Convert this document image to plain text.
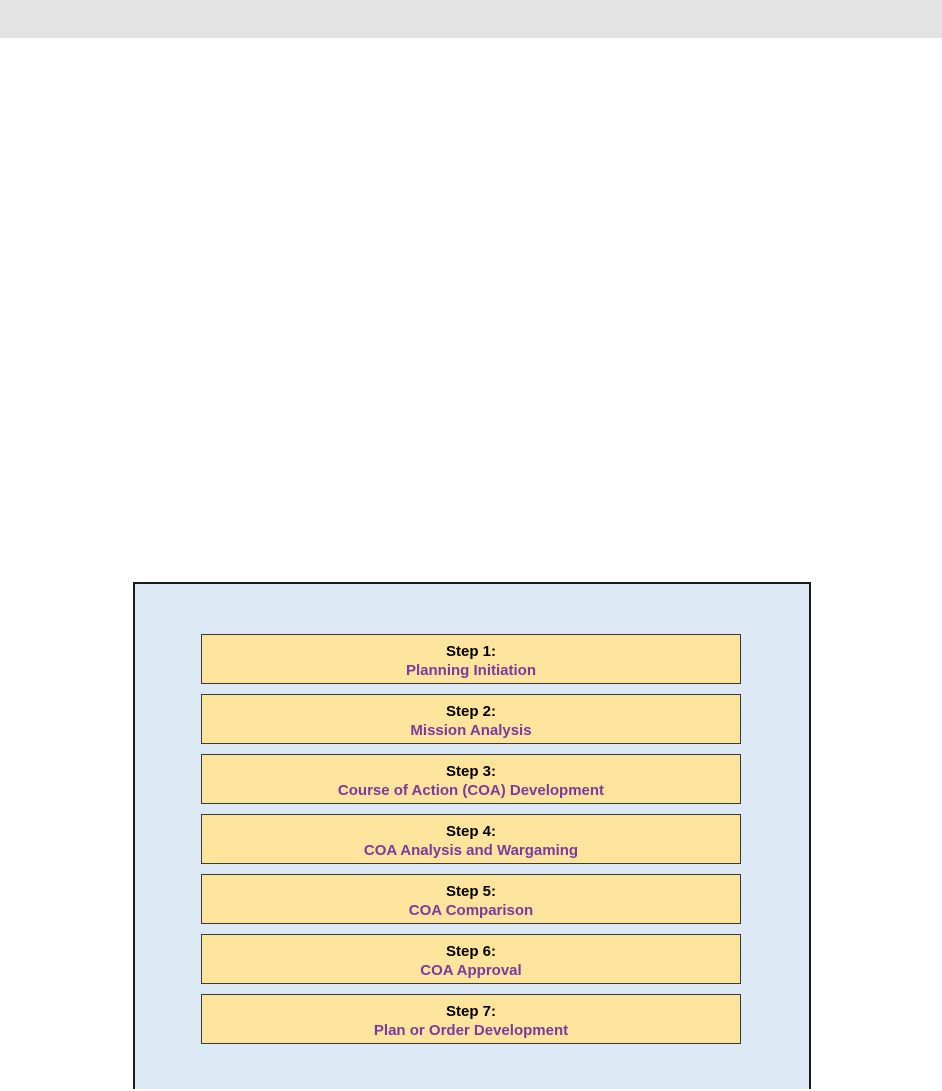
Step 1:
Planning Initiation
Step 2:
Mission Analysis
Step 3:
Course of Action (COA) Development
Step 4:
COA Analysis and Wargaming
Step 5:
COA Comparison
Step 6:
COA Approval
Step 7:
Plan or Order Development
